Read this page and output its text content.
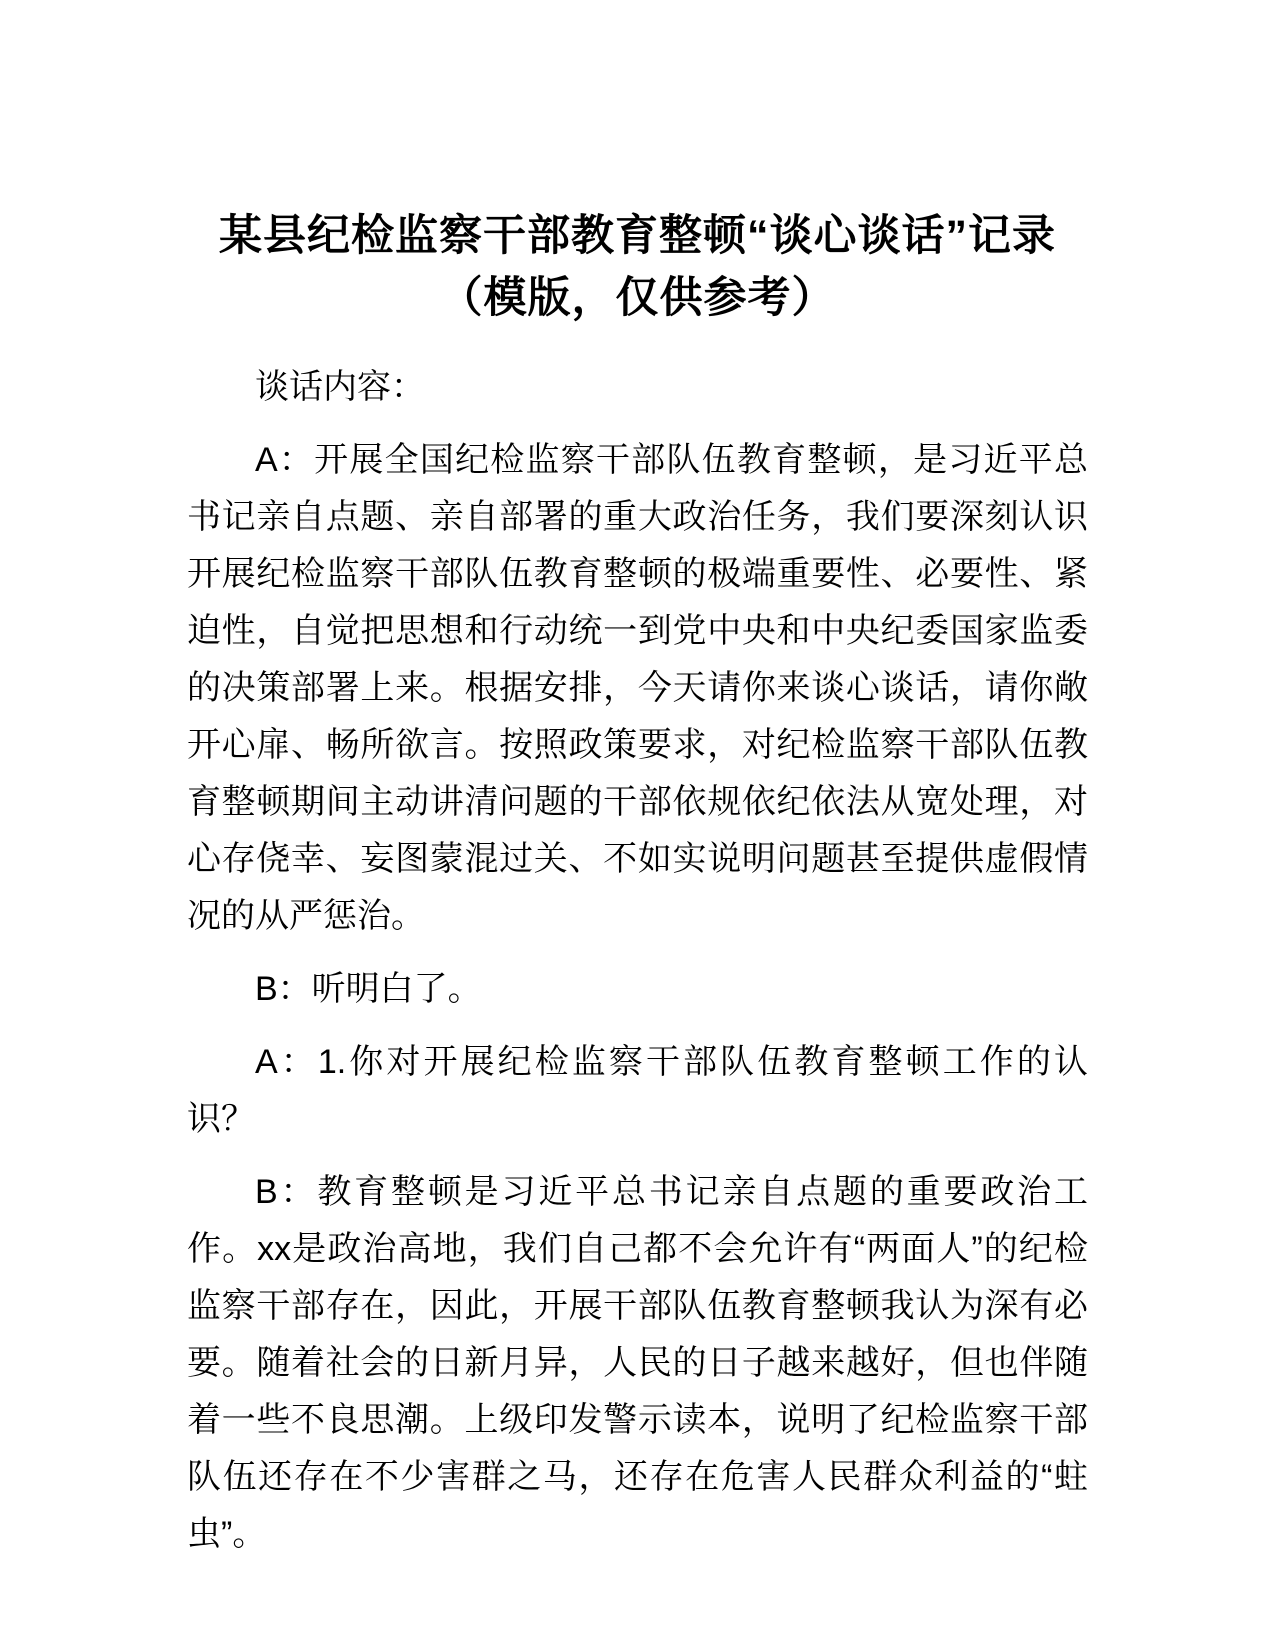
某县纪检监察干部教育整顿“谈心谈话”记录
（模版，仅供参考）

谈话内容：

A：开展全国纪检监察干部队伍教育整顿，是习近平总书记亲自点题、亲自部署的重大政治任务，我们要深刻认识开展纪检监察干部队伍教育整顿的极端重要性、必要性、紧迫性，自觉把思想和行动统一到党中央和中央纪委国家监委的决策部署上来。根据安排，今天请你来谈心谈话，请你敞开心扉、畅所欲言。按照政策要求，对纪检监察干部队伍教育整顿期间主动讲清问题的干部依规依纪依法从宽处理，对心存侥幸、妄图蒙混过关、不如实说明问题甚至提供虚假情况的从严惩治。

B：听明白了。

A：1.你对开展纪检监察干部队伍教育整顿工作的认识？

B：教育整顿是习近平总书记亲自点题的重要政治工作。xx是政治高地，我们自己都不会允许有“两面人”的纪检监察干部存在，因此，开展干部队伍教育整顿我认为深有必要。随着社会的日新月异，人民的日子越来越好，但也伴随着一些不良思潮。上级印发警示读本，说明了纪检监察干部队伍还存在不少害群之马，还存在危害人民群众利益的“蛀虫”。
